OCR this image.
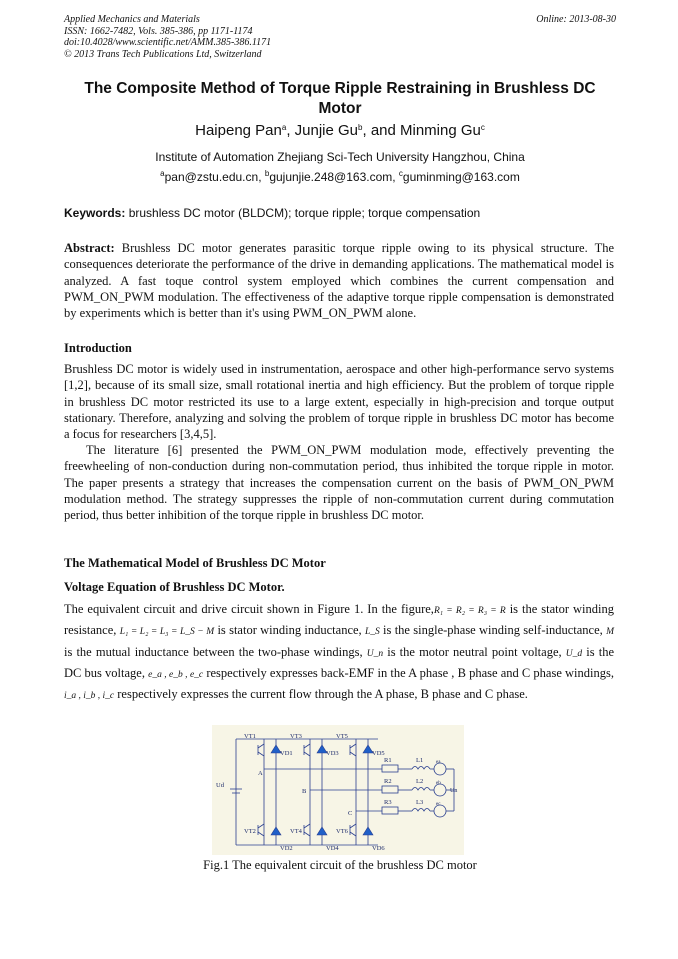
Applied Mechanics and Materials
ISSN: 1662-7482, Vols. 385-386, pp 1171-1174
doi:10.4028/www.scientific.net/AMM.385-386.1171
© 2013 Trans Tech Publications Ltd, Switzerland
Online: 2013-08-30
The Composite Method of Torque Ripple Restraining in Brushless DC Motor
Haipeng Pan$^a$, Junjie Gu$^b$, and Minming Gu$^c$
Institute of Automation Zhejiang Sci-Tech University Hangzhou, China
$^a$pan@zstu.edu.cn, $^b$gujunjie.248@163.com, $^c$guminming@163.com
Keywords: brushless DC motor (BLDCM); torque ripple; torque compensation
Abstract: Brushless DC motor generates parasitic torque ripple owing to its physical structure. The consequences deteriorate the performance of the drive in demanding applications. The mathematical model is analyzed. A fast toque control system employed which combines the current compensation and PWM_ON_PWM modulation. The effectiveness of the adaptive torque ripple compensation is demonstrated by experiments which is better than it's using PWM_ON_PWM alone.
Introduction
Brushless DC motor is widely used in instrumentation, aerospace and other high-performance servo systems [1,2], because of its small size, small rotational inertia and high efficiency. But the problem of torque ripple in brushless DC motor restricted its use to a large extent, especially in high-precision and torque output stationary. Therefore, analyzing and solving the problem of torque ripple in brushless DC motor has become a focus for researchers [3,4,5].
The literature [6] presented the PWM_ON_PWM modulation mode, effectively preventing the freewheeling of non-conduction during non-commutation period, thus inhibited the torque ripple in motor. The paper presents a strategy that increases the compensation current on the basis of PWM_ON_PWM modulation method. The strategy suppresses the ripple of non-commutation current during commutation period, thus better inhibition of the torque ripple in brushless DC motor.
The Mathematical Model of Brushless DC Motor
Voltage Equation of Brushless DC Motor.
The equivalent circuit and drive circuit shown in Figure 1. In the figure,R₁ = R₂ = R₃ = R is the stator winding resistance, L₁ = L₂ = L₃ = L_S − M is stator winding inductance, L_S is the single-phase winding self-inductance, M is the mutual inductance between the two-phase windings, U_n is the motor neutral point voltage, U_d is the DC bus voltage, e_a , e_b , e_c respectively expresses back-EMF in the A phase , B phase and C phase windings, i_a , i_b , i_c respectively expresses the current flow through the A phase, B phase and C phase.
VT1	VT3	VT5
VD1	VD3	VD5
VT2	VT4	VT6
VD2	VD4	VD6
A
B
C
Ud
Un
R1
R2
R3
L1
L2
L3
ea
eb
ec
Fig.1 The equivalent circuit of the brushless DC motor
